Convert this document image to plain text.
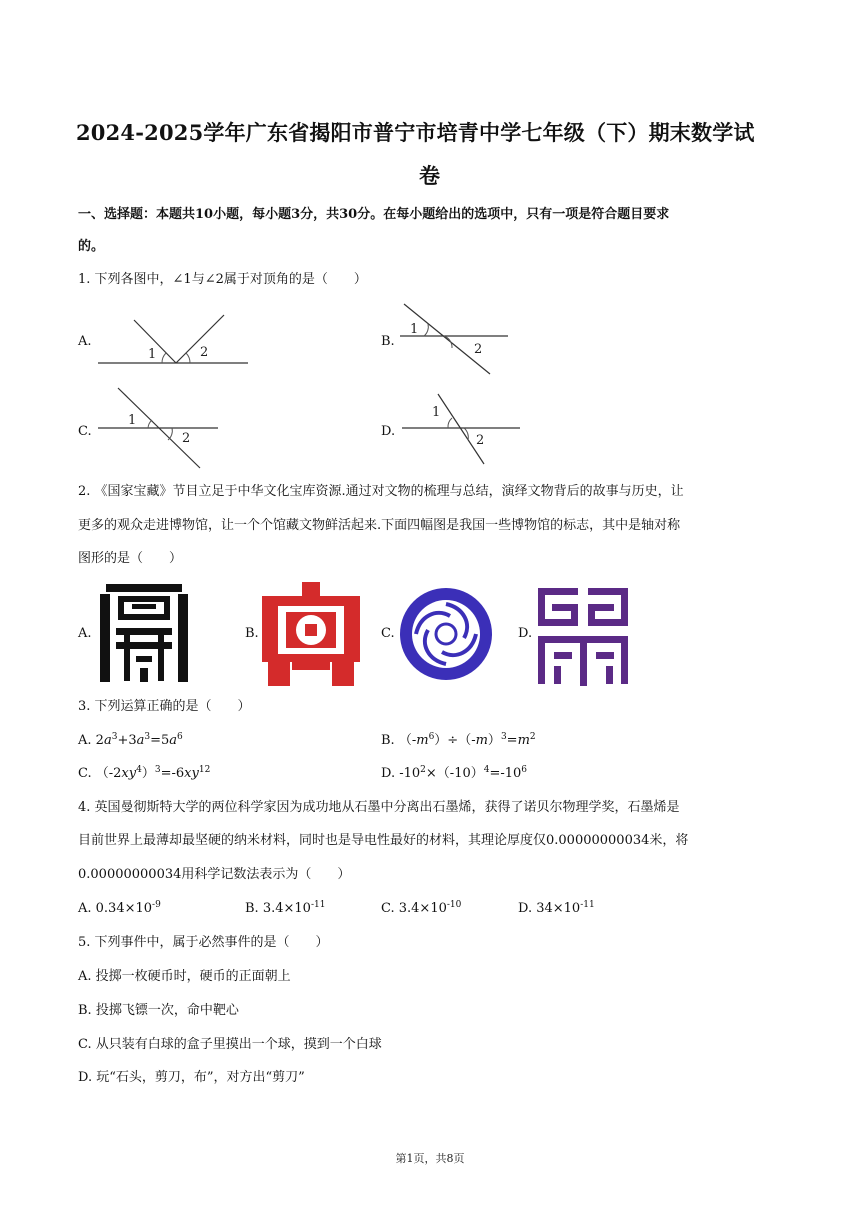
2024-2025学年广东省揭阳市普宁市培青中学七年级（下）期末数学试
卷
一、选择题：本题共10小题，每小题3分，共30分。在每小题给出的选项中，只有一项是符合题目要求
的。
1. 下列各图中，∠1与∠2属于对顶角的是（　　）
A.
1	2
B.
1
2
C.
1
2	D.
1
2
2. 《国家宝藏》节目立足于中华文化宝库资源.通过对文物的梳理与总结，演绎文物背后的故事与历史，让
更多的观众走进博物馆，让一个个馆藏文物鲜活起来.下面四幅图是我国一些博物馆的标志，其中是轴对称
图形的是（　　）
A.	B.	C.	D.
3. 下列运算正确的是（　　）
A. $2a^3+3a^3=5a^6$	B. $(-m^6)\div(-m)^3=m^2$
C. $(-2xy^4)^3=-6xy^{12}$	D. $-10^2\times(-10)^4=-10^6$
4. 英国曼彻斯特大学的两位科学家因为成功地从石墨中分离出石墨烯，获得了诺贝尔物理学奖，石墨烯是
目前世界上最薄却最坚硬的纳米材料，同时也是导电性最好的材料，其理论厚度仅0.00000000034米，将
0.00000000034用科学记数法表示为（　　）
A. $0.34\times 10^{-9}$	B. $3.4\times 10^{-11}$	C. $3.4\times 10^{-10}$	D. $34\times 10^{-11}$
5. 下列事件中，属于必然事件的是（　　）
A. 投掷一枚硬币时，硬币的正面朝上
B. 投掷飞镖一次，命中靶心
C. 从只装有白球的盒子里摸出一个球，摸到一个白球
D. 玩“石头，剪刀，布”，对方出“剪刀”
第1页，共8页
